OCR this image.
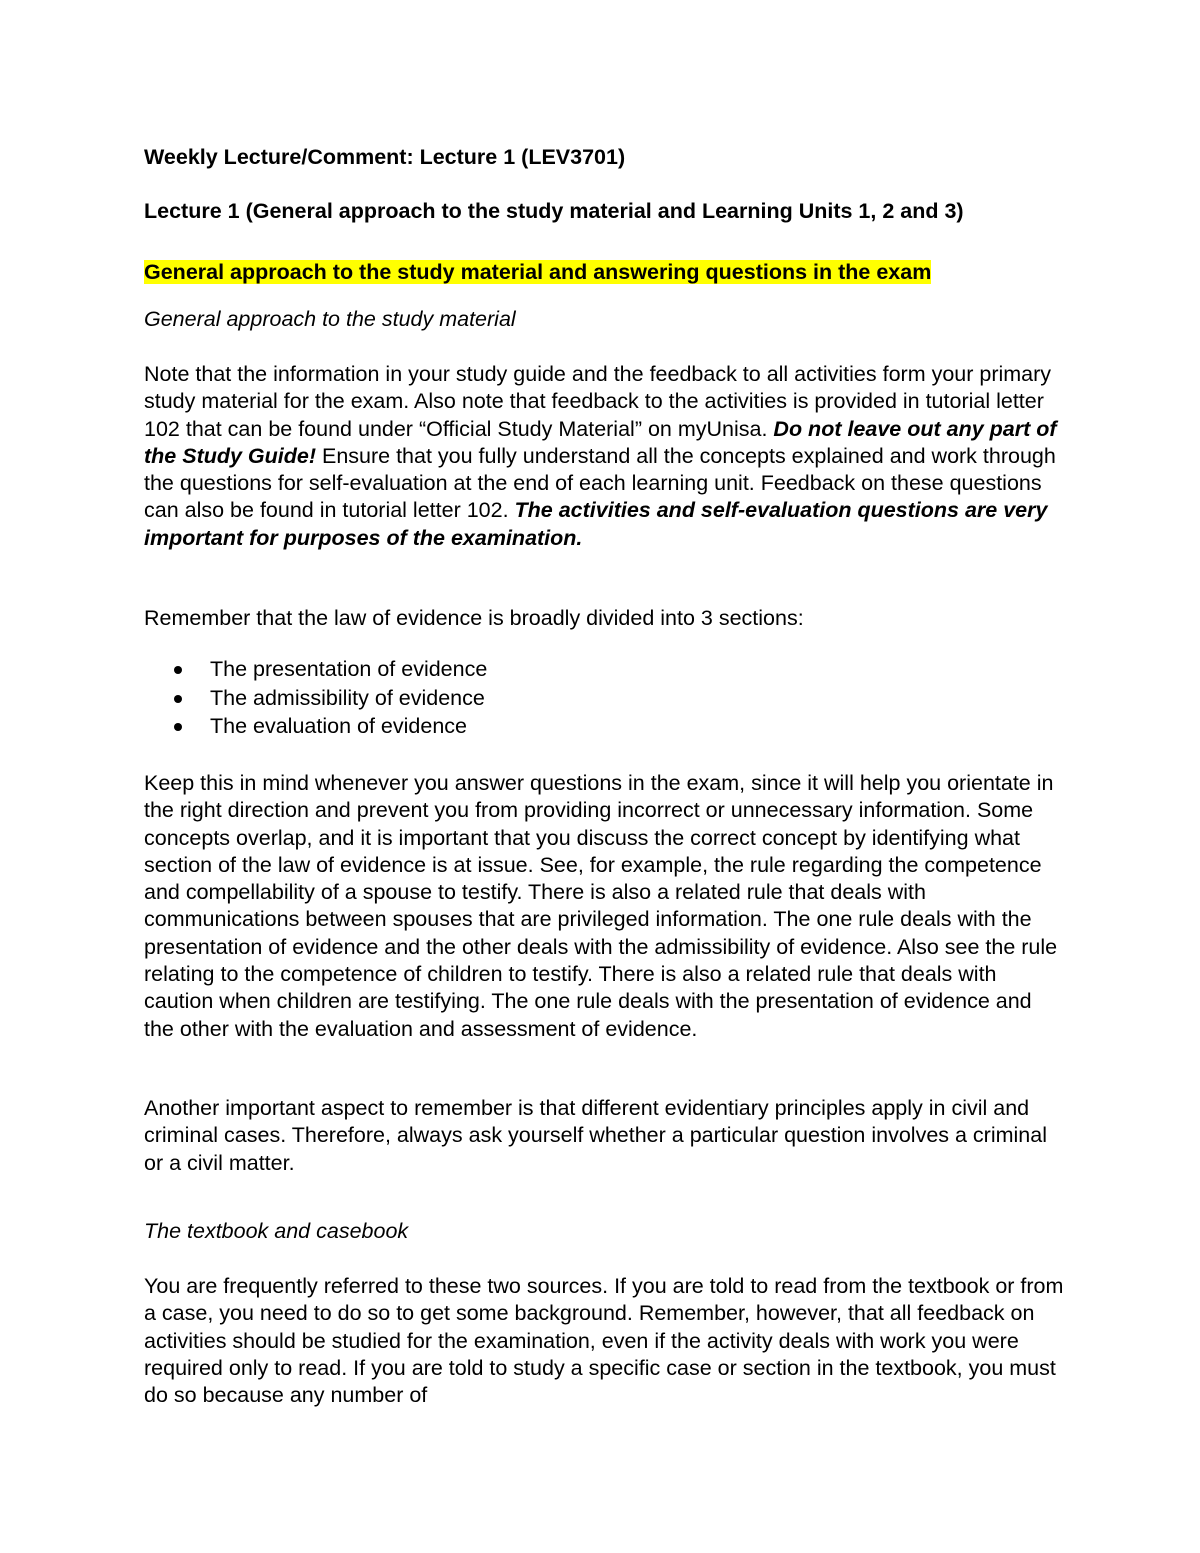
Weekly Lecture/Comment: Lecture 1 (LEV3701)

Lecture 1 (General approach to the study material and Learning Units 1, 2 and 3)

General approach to the study material and answering questions in the exam

General approach to the study material

Note that the information in your study guide and the feedback to all activities form your primary study material for the exam. Also note that feedback to the activities is provided in tutorial letter 102 that can be found under “Official Study Material” on myUnisa. Do not leave out any part of the Study Guide! Ensure that you fully understand all the concepts explained and work through the questions for self-evaluation at the end of each learning unit. Feedback on these questions can also be found in tutorial letter 102. The activities and self-evaluation questions are very important for purposes of the examination.

Remember that the law of evidence is broadly divided into 3 sections:

The presentation of evidence
The admissibility of evidence
The evaluation of evidence

Keep this in mind whenever you answer questions in the exam, since it will help you orientate in the right direction and prevent you from providing incorrect or unnecessary information. Some concepts overlap, and it is important that you discuss the correct concept by identifying what section of the law of evidence is at issue. See, for example, the rule regarding the competence and compellability of a spouse to testify. There is also a related rule that deals with communications between spouses that are privileged information. The one rule deals with the presentation of evidence and the other deals with the admissibility of evidence. Also see the rule relating to the competence of children to testify. There is also a related rule that deals with caution when children are testifying. The one rule deals with the presentation of evidence and the other with the evaluation and assessment of evidence.

Another important aspect to remember is that different evidentiary principles apply in civil and criminal cases. Therefore, always ask yourself whether a particular question involves a criminal or a civil matter.

The textbook and casebook

You are frequently referred to these two sources. If you are told to read from the textbook or from a case, you need to do so to get some background. Remember, however, that all feedback on activities should be studied for the examination, even if the activity deals with work you were required only to read. If you are told to study a specific case or section in the textbook, you must do so because any number of
